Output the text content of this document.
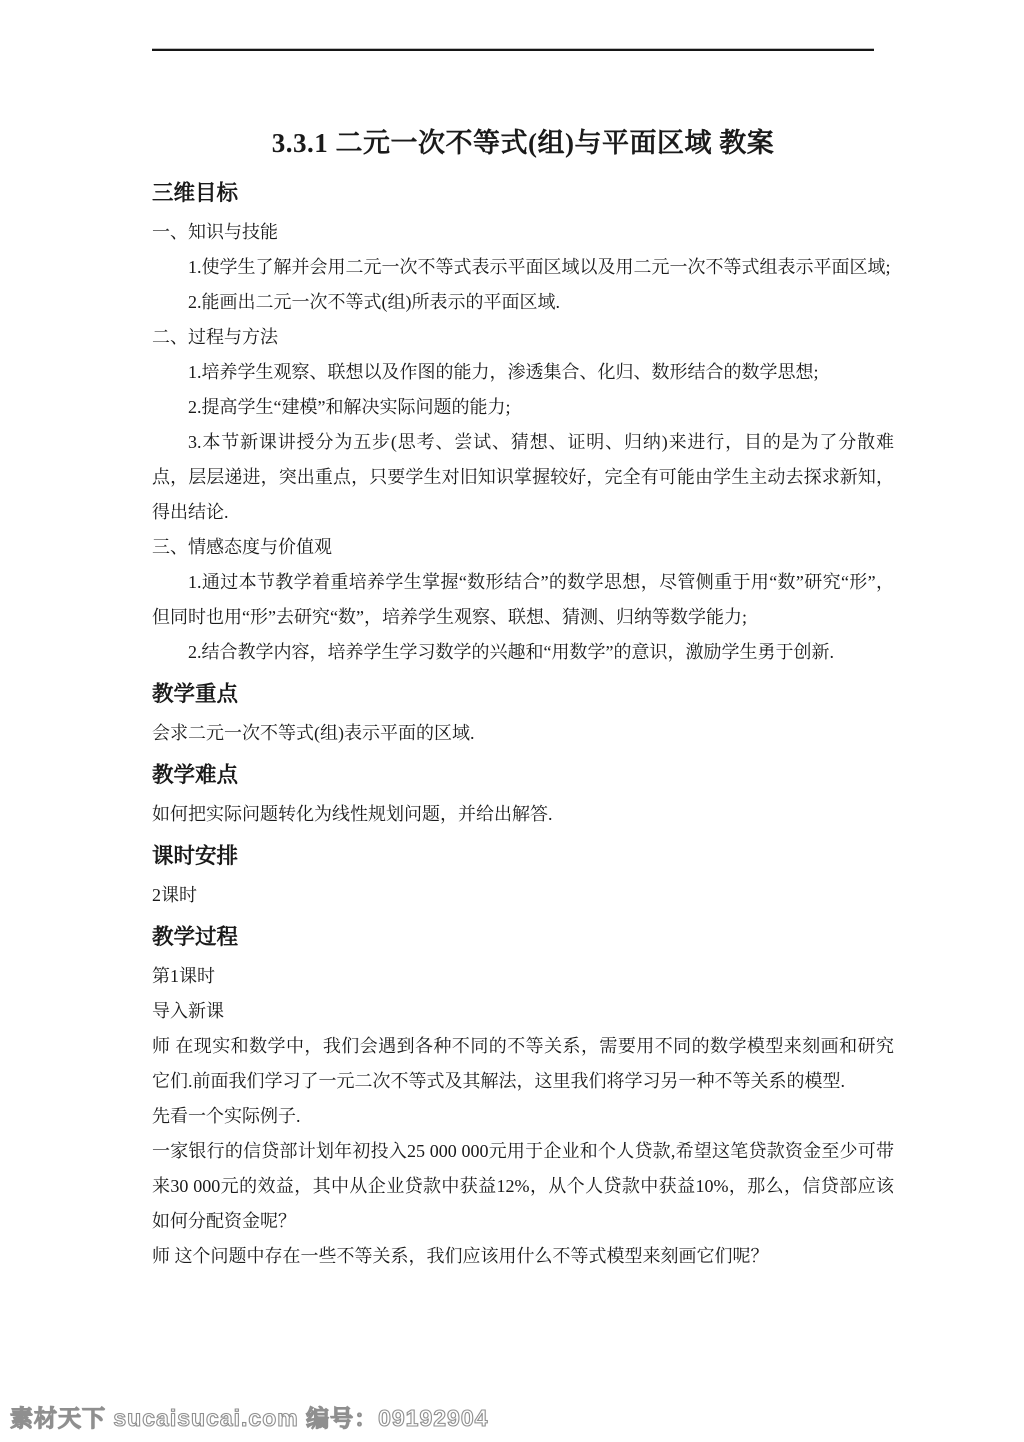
3.3.1 二元一次不等式(组)与平面区域 教案
三维目标

一、知识与技能

1.使学生了解并会用二元一次不等式表示平面区域以及用二元一次不等式组表示平面区域;

2.能画出二元一次不等式(组)所表示的平面区域.

二、过程与方法

1.培养学生观察、联想以及作图的能力，渗透集合、化归、数形结合的数学思想;

2.提高学生“建模”和解决实际问题的能力;

3.本节新课讲授分为五步(思考、尝试、猜想、证明、归纳)来进行，目的是为了分散难点，层层递进，突出重点，只要学生对旧知识掌握较好，完全有可能由学生主动去探求新知，得出结论.

三、情感态度与价值观

1.通过本节教学着重培养学生掌握“数形结合”的数学思想，尽管侧重于用“数”研究“形”，但同时也用“形”去研究“数”，培养学生观察、联想、猜测、归纳等数学能力;

2.结合教学内容，培养学生学习数学的兴趣和“用数学”的意识，激励学生勇于创新.

教学重点

会求二元一次不等式(组)表示平面的区域.

教学难点

如何把实际问题转化为线性规划问题，并给出解答.

课时安排

2课时

教学过程

第1课时

导入新课

师 在现实和数学中，我们会遇到各种不同的不等关系，需要用不同的数学模型来刻画和研究它们.前面我们学习了一元二次不等式及其解法，这里我们将学习另一种不等关系的模型.

先看一个实际例子.

一家银行的信贷部计划年初投入25 000 000元用于企业和个人贷款,希望这笔贷款资金至少可带来30 000元的效益，其中从企业贷款中获益12%，从个人贷款中获益10%，那么，信贷部应该如何分配资金呢？

师 这个问题中存在一些不等关系，我们应该用什么不等式模型来刻画它们呢？

素材天下 sucaisucai.com 编号：09192904
